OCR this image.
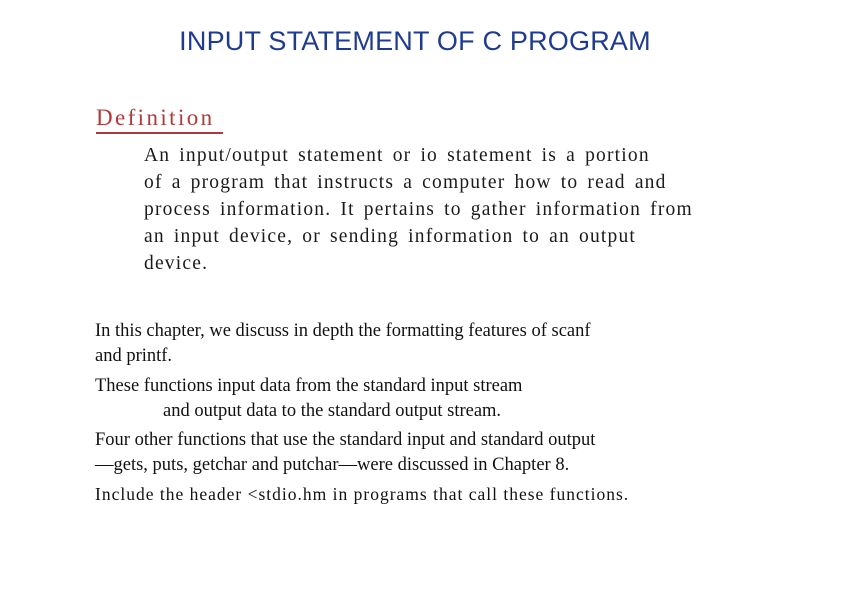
INPUT STATEMENT OF C PROGRAM
Definition
An input/output statement or io statement is a portion
of a program that instructs a computer how to read and
process information. It pertains to gather information from
an input device, or sending information to an output
device.
In this chapter, we discuss in depth the formatting features of scanf
and printf.
These functions input data from the standard input stream
and output data to the standard output stream.
Four other functions that use the standard input and standard output
—gets, puts, getchar and putchar—were discussed in Chapter 8.
Include the header <stdio.hm in programs that call these functions.
